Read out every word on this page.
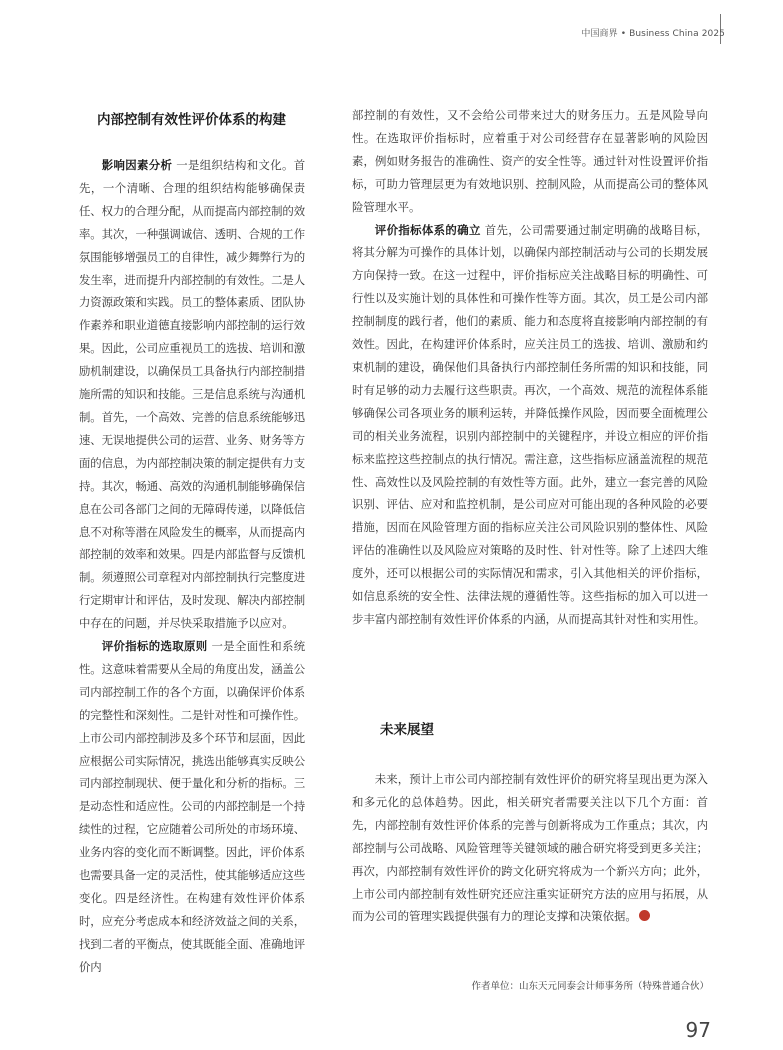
中国商界 • Business China 2025
内部控制有效性评价体系的构建

影响因素分析 一是组织结构和文化。首先，一个清晰、合理的组织结构能够确保责任、权力的合理分配，从而提高内部控制的效率。其次，一种强调诚信、透明、合规的工作氛围能够增强员工的自律性，减少舞弊行为的发生率，进而提升内部控制的有效性。二是人力资源政策和实践。员工的整体素质、团队协作素养和职业道德直接影响内部控制的运行效果。因此，公司应重视员工的选拔、培训和激励机制建设，以确保员工具备执行内部控制措施所需的知识和技能。三是信息系统与沟通机制。首先，一个高效、完善的信息系统能够迅速、无误地提供公司的运营、业务、财务等方面的信息，为内部控制决策的制定提供有力支持。其次，畅通、高效的沟通机制能够确保信息在公司各部门之间的无障碍传递，以降低信息不对称等潜在风险发生的概率，从而提高内部控制的效率和效果。四是内部监督与反馈机制。须遵照公司章程对内部控制执行完整度进行定期审计和评估，及时发现、解决内部控制中存在的问题，并尽快采取措施予以应对。

评价指标的选取原则 一是全面性和系统性。这意味着需要从全局的角度出发，涵盖公司内部控制工作的各个方面，以确保评价体系的完整性和深刻性。二是针对性和可操作性。上市公司内部控制涉及多个环节和层面，因此应根据公司实际情况，挑选出能够真实反映公司内部控制现状、便于量化和分析的指标。三是动态性和适应性。公司的内部控制是一个持续性的过程，它应随着公司所处的市场环境、业务内容的变化而不断调整。因此，评价体系也需要具备一定的灵活性，使其能够适应这些变化。四是经济性。在构建有效性评价体系时，应充分考虑成本和经济效益之间的关系，找到二者的平衡点，使其既能全面、准确地评价内

部控制的有效性，又不会给公司带来过大的财务压力。五是风险导向性。在选取评价指标时，应着重于对公司经营存在显著影响的风险因素，例如财务报告的准确性、资产的安全性等。通过针对性设置评价指标，可助力管理层更为有效地识别、控制风险，从而提高公司的整体风险管理水平。

评价指标体系的确立 首先，公司需要通过制定明确的战略目标，将其分解为可操作的具体计划，以确保内部控制活动与公司的长期发展方向保持一致。在这一过程中，评价指标应关注战略目标的明确性、可行性以及实施计划的具体性和可操作性等方面。其次，员工是公司内部控制制度的践行者，他们的素质、能力和态度将直接影响内部控制的有效性。因此，在构建评价体系时，应关注员工的选拔、培训、激励和约束机制的建设，确保他们具备执行内部控制任务所需的知识和技能，同时有足够的动力去履行这些职责。再次，一个高效、规范的流程体系能够确保公司各项业务的顺利运转，并降低操作风险，因而要全面梳理公司的相关业务流程，识别内部控制中的关键程序，并设立相应的评价指标来监控这些控制点的执行情况。需注意，这些指标应涵盖流程的规范性、高效性以及风险控制的有效性等方面。此外，建立一套完善的风险识别、评估、应对和监控机制，是公司应对可能出现的各种风险的必要措施，因而在风险管理方面的指标应关注公司风险识别的整体性、风险评估的准确性以及风险应对策略的及时性、针对性等。除了上述四大维度外，还可以根据公司的实际情况和需求，引入其他相关的评价指标，如信息系统的安全性、法律法规的遵循性等。这些指标的加入可以进一步丰富内部控制有效性评价体系的内涵，从而提高其针对性和实用性。

未来展望

未来，预计上市公司内部控制有效性评价的研究将呈现出更为深入和多元化的总体趋势。因此，相关研究者需要关注以下几个方面：首先，内部控制有效性评价体系的完善与创新将成为工作重点；其次，内部控制与公司战略、风险管理等关键领域的融合研究将受到更多关注；再次，内部控制有效性评价的跨文化研究将成为一个新兴方向；此外，上市公司内部控制有效性研究还应注重实证研究方法的应用与拓展，从而为公司的管理实践提供强有力的理论支撑和决策依据。

作者单位：山东天元同泰会计师事务所（特殊普通合伙）
97
